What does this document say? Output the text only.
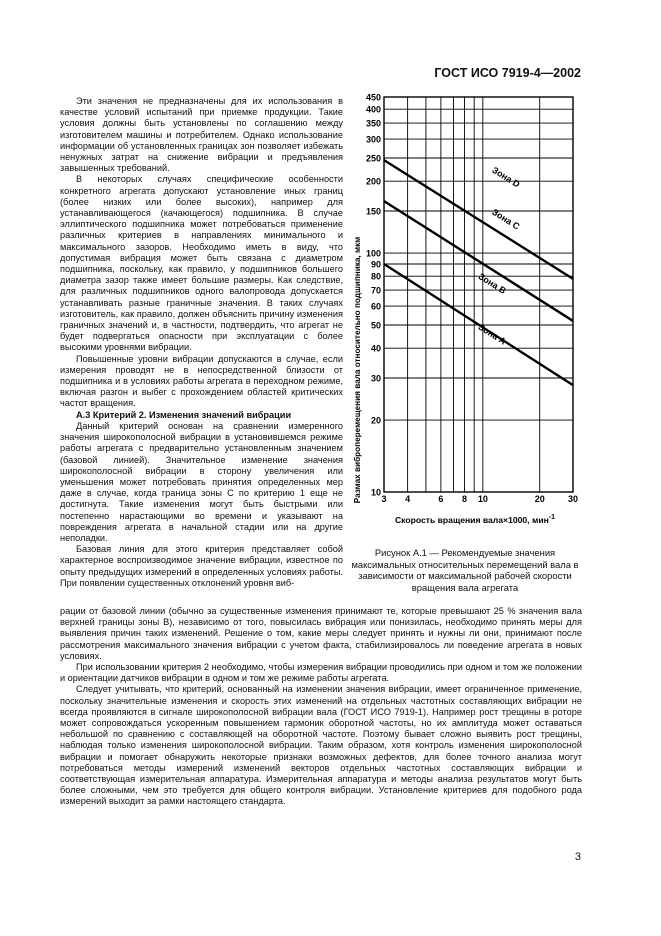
ГОСТ ИСО 7919-4—2002

Эти значения не предназначены для их использования в качестве условий испытаний при приемке продукции. Такие условия должны быть установлены по соглашению между изготовителем машины и потребителем. Однако использование информации об установленных границах зон позволяет избежать ненужных затрат на снижение вибрации и предъявления завышенных требований.

В некоторых случаях специфические особенности конкретного агрегата допускают установление иных границ (более низких или более высоких), например для устанавливающегося (качающегося) подшипника. В случае эллиптического подшипника может потребоваться применение различных критериев в направлениях минимального и максимального зазоров. Необходимо иметь в виду, что допустимая вибрация может быть связана с диаметром подшипника, поскольку, как правило, у подшипников большего диаметра зазор также имеет большие размеры. Как следствие, для различных подшипников одного валопровода допускается устанавливать разные граничные значения. В таких случаях изготовитель, как правило, должен объяснить причину изменения граничных значений и, в частности, подтвердить, что агрегат не будет подвергаться опасности при эксплуатации с более высокими уровнями вибрации.

Повышенные уровни вибрации допускаются в случае, если измерения проводят не в непосредственной близости от подшипника и в условиях работы агрегата в переходном режиме, включая разгон и выбег с прохождением областей критических частот вращения.

А.3 Критерий 2. Изменения значений вибрации

Данный критерий основан на сравнении измеренного значения широкополосной вибрации в установившемся режиме работы агрегата с предварительно установленным значением (базовой линией). Значительное изменение значения широкополосной вибрации в сторону увеличения или уменьшения может потребовать принятия определенных мер даже в случае, когда граница зоны С по критерию 1 еще не достигнута. Такие изменения могут быть быстрыми или постепенно нарастающими во времени и указывают на повреждения агрегата в начальной стадии или на другие неполадки.

Базовая линия для этого критерия представляет собой характерное воспроизводимое значение вибрации, известное по опыту предыдущих измерений в определенных условиях работы. При появлении существенных отклонений уровня виб-

10
20
30
40
50
60
70
80
90
100
150
200
250
300
350
400
450
3 4	6 8 10	20	30
Зона D
Зона C
Зона B
Зона A
Размах виброперемещения вала относительно подшипника, мкм
Скорость вращения вала×1000, мин$^{-1}$
Рисунок А.1 — Рекомендуемые значения максимальных относительных перемещений вала в зависимости от максимальной рабочей скорости вращения вала агрегата

рации от базовой линии (обычно за существенные изменения принимают те, которые превышают 25 % значения вала верхней границы зоны В), независимо от того, повысилась вибрация или понизилась, необходимо принять меры для выявления причин таких изменений. Решение о том, какие меры следует принять и нужны ли они, принимают после рассмотрения максимального значения вибрации с учетом факта, стабилизировалось ли поведение агрегата в новых условиях.

При использовании критерия 2 необходимо, чтобы измерения вибрации проводились при одном и том же положении и ориентации датчиков вибрации в одном и том же режиме работы агрегата.

Следует учитывать, что критерий, основанный на изменении значения вибрации, имеет ограниченное применение, поскольку значительные изменения и скорость этих изменений на отдельных частотных составляющих вибрации не всегда проявляются в сигнале широкополосной вибрации вала (ГОСТ ИСО 7919-1). Например рост трещины в роторе может сопровождаться ускоренным повышением гармоник оборотной частоты, но их амплитуда может оставаться небольшой по сравнению с составляющей на оборотной частоте. Поэтому бывает сложно выявить рост трещины, наблюдая только изменения широкополосной вибрации. Таким образом, хотя контроль изменения широкополосной вибрации и помогает обнаружить некоторые признаки возможных дефектов, для более точного анализа могут потребоваться методы измерений изменений векторов отдельных частотных составляющих вибрации и соответствующая измерительная аппаратура. Измерительная аппаратура и методы анализа результатов могут быть более сложными, чем это требуется для общего контроля вибрации. Установление критериев для подобного рода измерений выходит за рамки настоящего стандарта.

3
